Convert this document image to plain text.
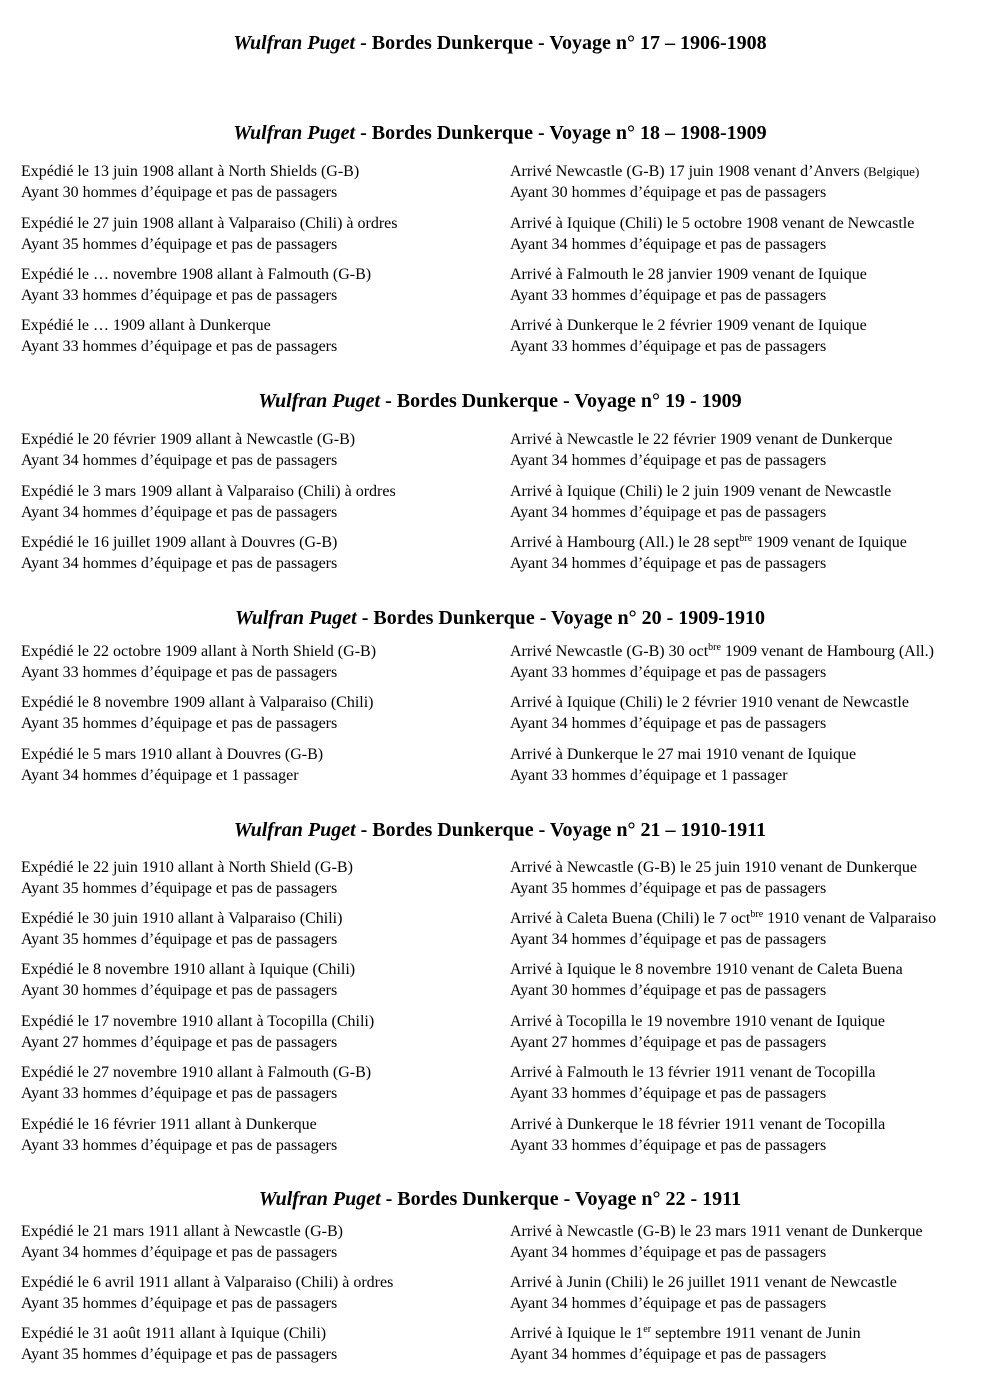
Wulfran Puget - Bordes Dunkerque - Voyage n° 17 – 1906-1908
Wulfran Puget - Bordes Dunkerque - Voyage n° 18 – 1908-1909
Expédié le 13 juin 1908 allant à North Shields (G-B)
Ayant 30 hommes d’équipage et pas de passagers
Arrivé Newcastle (G-B) 17 juin 1908 venant d’Anvers (Belgique)
Ayant 30 hommes d’équipage et pas de passagers
Expédié le 27 juin 1908 allant à Valparaiso (Chili) à ordres
Ayant 35 hommes d’équipage et pas de passagers
Arrivé à Iquique (Chili) le 5 octobre 1908 venant de Newcastle
Ayant 34 hommes d’équipage et pas de passagers
Expédié le … novembre 1908 allant à Falmouth (G-B)
Ayant 33 hommes d’équipage et pas de passagers
Arrivé à Falmouth le 28 janvier 1909 venant de Iquique
Ayant 33 hommes d’équipage et pas de passagers
Expédié le … 1909 allant à Dunkerque
Ayant 33 hommes d’équipage et pas de passagers
Arrivé à Dunkerque le 2 février 1909 venant de Iquique
Ayant 33 hommes d’équipage et pas de passagers
Wulfran Puget - Bordes Dunkerque - Voyage n° 19 - 1909
Expédié le 20 février 1909 allant à Newcastle (G-B)
Ayant 34 hommes d’équipage et pas de passagers
Arrivé à Newcastle le 22 février 1909 venant de Dunkerque
Ayant 34 hommes d’équipage et pas de passagers
Expédié le 3 mars 1909 allant à Valparaiso (Chili) à ordres
Ayant 34 hommes d’équipage et pas de passagers
Arrivé à Iquique (Chili) le 2 juin 1909 venant de Newcastle
Ayant 34 hommes d’équipage et pas de passagers
Expédié le 16 juillet 1909 allant à Douvres (G-B)
Ayant 34 hommes d’équipage et pas de passagers
Arrivé à Hambourg (All.) le 28 sept$^{bre}$ 1909 venant de Iquique
Ayant 34 hommes d’équipage et pas de passagers
Wulfran Puget - Bordes Dunkerque - Voyage n° 20 - 1909-1910
Expédié le 22 octobre 1909 allant à North Shield (G-B)
Ayant 33 hommes d’équipage et pas de passagers
Arrivé Newcastle (G-B) 30 oct$^{bre}$ 1909 venant de Hambourg (All.)
Ayant 33 hommes d’équipage et pas de passagers
Expédié le 8 novembre 1909 allant à Valparaiso (Chili)
Ayant 35 hommes d’équipage et pas de passagers
Arrivé à Iquique (Chili) le 2 février 1910 venant de Newcastle
Ayant 34 hommes d’équipage et pas de passagers
Expédié le 5 mars 1910 allant à Douvres (G-B)
Ayant 34 hommes d’équipage et 1 passager
Arrivé à Dunkerque le 27 mai 1910 venant de Iquique
Ayant 33 hommes d’équipage et 1 passager
Wulfran Puget - Bordes Dunkerque - Voyage n° 21 – 1910-1911
Expédié le 22 juin 1910 allant à North Shield (G-B)
Ayant 35 hommes d’équipage et pas de passagers
Arrivé à Newcastle (G-B) le 25 juin 1910 venant de Dunkerque
Ayant 35 hommes d’équipage et pas de passagers
Expédié le 30 juin 1910 allant à Valparaiso (Chili)
Ayant 35 hommes d’équipage et pas de passagers
Arrivé à Caleta Buena (Chili) le 7 oct$^{bre}$ 1910 venant de Valparaiso
Ayant 34 hommes d’équipage et pas de passagers
Expédié le 8 novembre 1910 allant à Iquique (Chili)
Ayant 30 hommes d’équipage et pas de passagers
Arrivé à Iquique le 8 novembre 1910 venant de Caleta Buena
Ayant 30 hommes d’équipage et pas de passagers
Expédié le 17 novembre 1910 allant à Tocopilla (Chili)
Ayant 27 hommes d’équipage et pas de passagers
Arrivé à Tocopilla le 19 novembre 1910 venant de Iquique
Ayant 27 hommes d’équipage et pas de passagers
Expédié le 27 novembre 1910 allant à Falmouth (G-B)
Ayant 33 hommes d’équipage et pas de passagers
Arrivé à Falmouth le 13 février 1911 venant de Tocopilla
Ayant 33 hommes d’équipage et pas de passagers
Expédié le 16 février 1911 allant à Dunkerque
Ayant 33 hommes d’équipage et pas de passagers
Arrivé à Dunkerque le 18 février 1911 venant de Tocopilla
Ayant 33 hommes d’équipage et pas de passagers
Wulfran Puget - Bordes Dunkerque - Voyage n° 22 - 1911
Expédié le 21 mars 1911 allant à Newcastle (G-B)
Ayant 34 hommes d’équipage et pas de passagers
Arrivé à Newcastle (G-B) le 23 mars 1911 venant de Dunkerque
Ayant 34 hommes d’équipage et pas de passagers
Expédié le 6 avril 1911 allant à Valparaiso (Chili) à ordres
Ayant 35 hommes d’équipage et pas de passagers
Arrivé à Junin (Chili) le 26 juillet 1911 venant de Newcastle
Ayant 34 hommes d’équipage et pas de passagers
Expédié le 31 août 1911 allant à Iquique (Chili)
Ayant 35 hommes d’équipage et pas de passagers
Arrivé à Iquique le 1er septembre 1911 venant de Junin
Ayant 34 hommes d’équipage et pas de passagers
